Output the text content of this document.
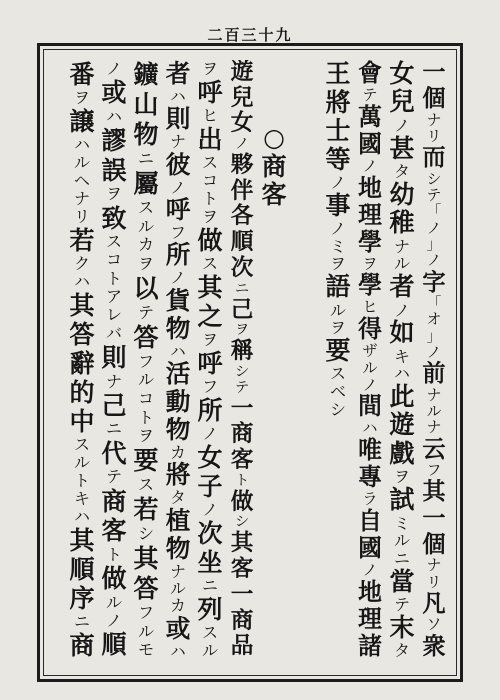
二百三十九
一
個
ナ
リ
而
シ
テ
「
ノ
」
ノ
字
「
オ
」
ノ
前
ナ
ル
ナ
云
フ
其
一
個
ナ
リ
凡
ソ
衆
女
兒
ノ
甚
タ
幼
稚
ナ
ル
者
ノ
如
キ
ハ
此
遊
戲
ヲ
試
ミ
ル
ニ
當
テ
末
タ
會
テ
萬
國
ノ
地
理
學
ヲ
學
ヒ
得
ザ
ル
ノ
間
ハ
唯
專
ラ
自
國
ノ
地
理
諸
王
將
士
等
ノ
事
ノ
ミ
ヲ
語
ル
ヲ
要
ス
ベ
シ
○
商
客
遊
兒
女
ノ
夥
伴
各
順
次
ニ
己
ヲ
稱
シ
テ
一
商
客
ト
做
シ
其
客
一
商
品
ヲ
呼
ヒ
出
ス
コ
ト
ヲ
做
ス
其
之
ヲ
呼
フ
所
ノ
女
子
ノ
次
坐
ニ
列
ス
ル
者
ハ
則
ナ
彼
ノ
呼
フ
所
ノ
貨
物
ハ
活
動
物
カ
將
タ
植
物
ナ
ル
カ
或
ハ
鑛
山
物
ニ
屬
ス
ル
カ
ヲ
以
テ
答
フ
ル
コ
ト
ヲ
要
ス
若
シ
其
答
フ
ル
モ
ノ
或
ハ
謬
誤
ヲ
致
ス
コ
ト
ア
レ
バ
則
ナ
己
ニ
代
テ
商
客
ト
做
ル
ノ
順
番
ヲ
譲
ハ
ル
ヘ
ナ
リ
若
ク
ハ
其
答
辭
的
中
ス
ル
ト
キ
ハ
其
順
序
ニ
商
